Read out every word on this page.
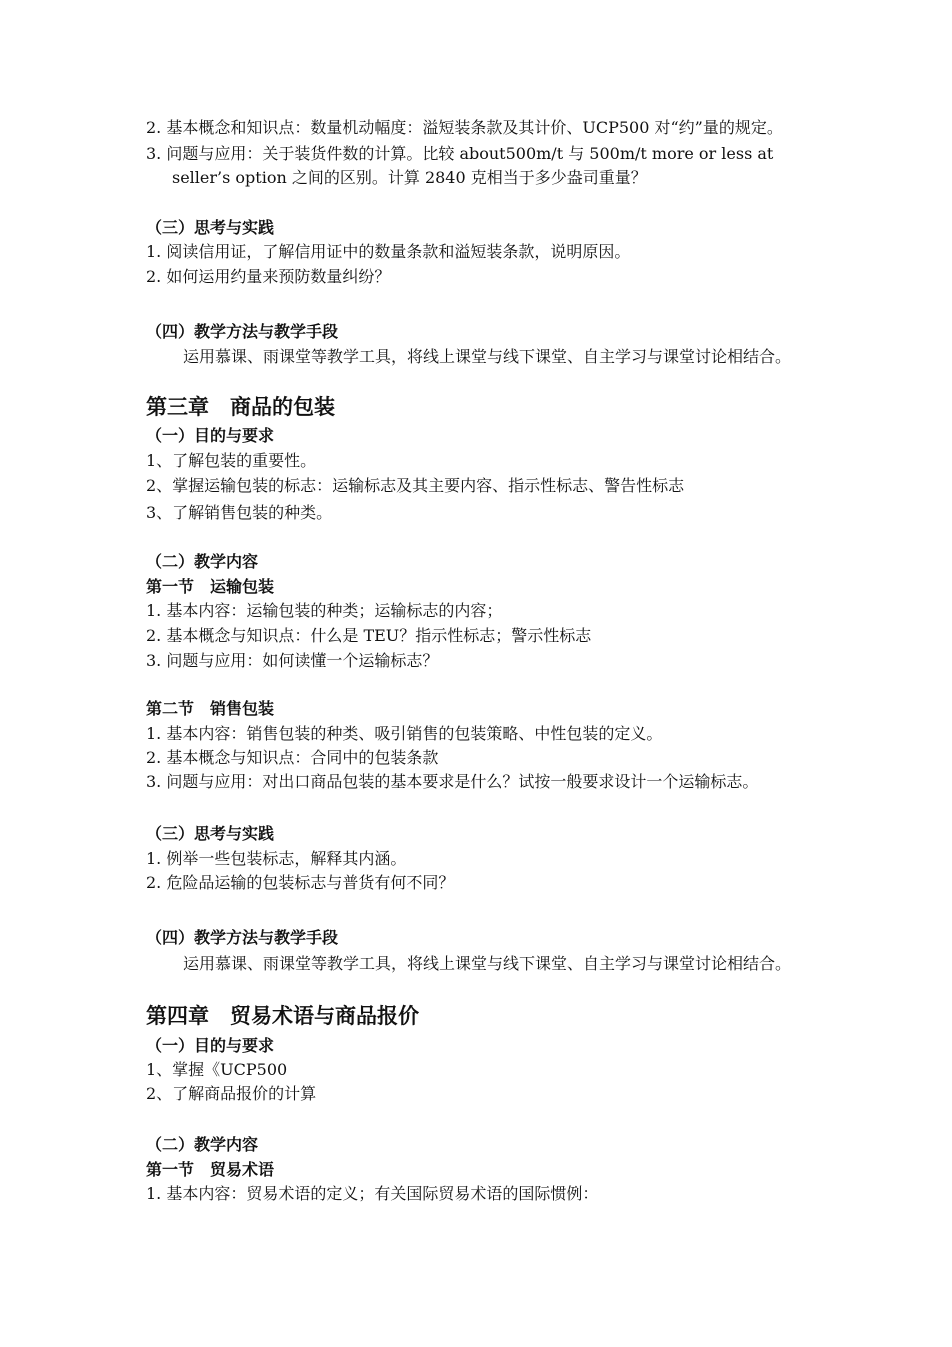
2. 基本概念和知识点：数量机动幅度：溢短装条款及其计价、UCP500 对“约”量的规定。
3. 问题与应用：关于装货件数的计算。比较 about500m/t 与 500m/t more or less at
seller’s option 之间的区别。计算 2840 克相当于多少盎司重量？
（三）思考与实践
1. 阅读信用证，了解信用证中的数量条款和溢短装条款，说明原因。
2. 如何运用约量来预防数量纠纷？
（四）教学方法与教学手段
运用慕课、雨课堂等教学工具，将线上课堂与线下课堂、自主学习与课堂讨论相结合。
第三章　商品的包装
（一）目的与要求
1、了解包装的重要性。
2、掌握运输包装的标志：运输标志及其主要内容、指示性标志、警告性标志
3、了解销售包装的种类。
（二）教学内容
第一节　运输包装
1. 基本内容：运输包装的种类；运输标志的内容；
2. 基本概念与知识点：什么是 TEU？指示性标志；警示性标志
3. 问题与应用：如何读懂一个运输标志？
第二节　销售包装
1. 基本内容：销售包装的种类、吸引销售的包装策略、中性包装的定义。
2. 基本概念与知识点：合同中的包装条款
3. 问题与应用：对出口商品包装的基本要求是什么？试按一般要求设计一个运输标志。
（三）思考与实践
1. 例举一些包装标志，解释其内涵。
2. 危险品运输的包装标志与普货有何不同？
（四）教学方法与教学手段
运用慕课、雨课堂等教学工具，将线上课堂与线下课堂、自主学习与课堂讨论相结合。
第四章　贸易术语与商品报价
（一）目的与要求
1、掌握《UCP500
2、了解商品报价的计算
（二）教学内容
第一节　贸易术语
1. 基本内容：贸易术语的定义；有关国际贸易术语的国际惯例：
